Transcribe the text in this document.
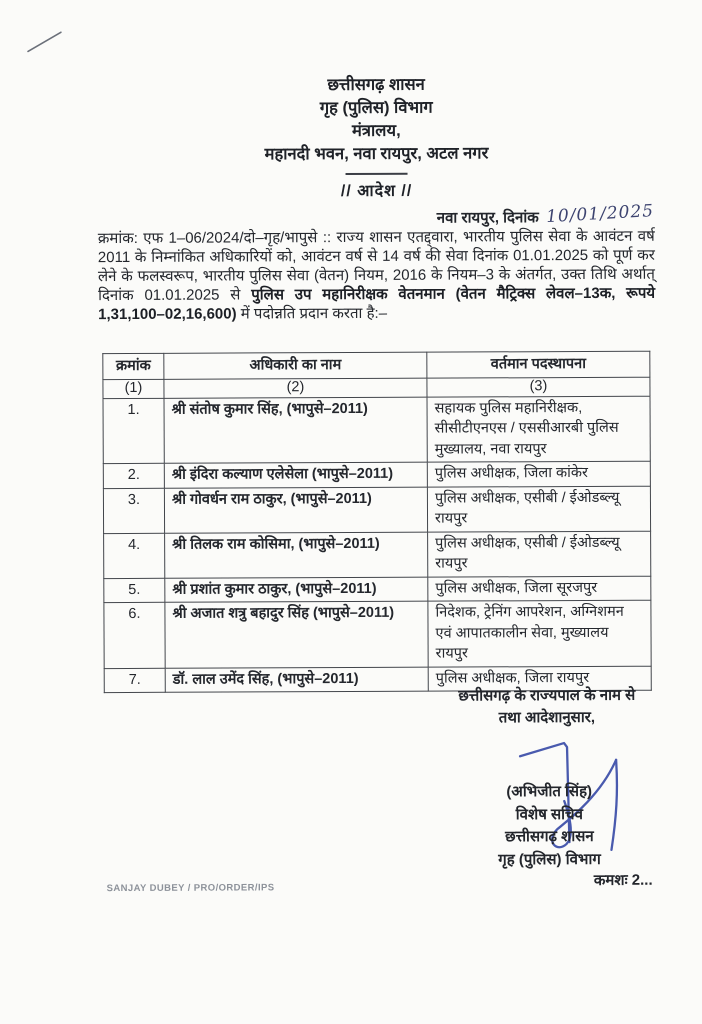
छत्तीसगढ़ शासन
गृह (पुलिस) विभाग
मंत्रालय,
महानदी भवन, नवा रायपुर, अटल नगर
// आदेश //
नवा रायपुर, दिनांक 10/01/2025
क्रमांक: एफ 1–06/2024/दो–गृह/भापुसे :: राज्य शासन एतद्द्वारा, भारतीय पुलिस सेवा के आवंटन वर्ष 2011 के निम्नांकित अधिकारियों को, आवंटन वर्ष से 14 वर्ष की सेवा दिनांक 01.01.2025 को पूर्ण कर लेने के फलस्वरूप, भारतीय पुलिस सेवा (वेतन) नियम, 2016 के नियम–3 के अंतर्गत, उक्त तिथि अर्थात् दिनांक 01.01.2025 से पुलिस उप महानिरीक्षक वेतनमान (वेतन मैट्रिक्स लेवल–13क, रूपये 1,31,100–02,16,600) में पदोन्नति प्रदान करता है:–
क्रमांक	अधिकारी का नाम	वर्तमान पदस्थापना
(1)	(2)	(3)
1.	श्री संतोष कुमार सिंह, (भापुसे–2011)	सहायक पुलिस महानिरीक्षक, सीसीटीएनएस / एससीआरबी पुलिस मुख्यालय, नवा रायपुर
2.	श्री इंदिरा कल्याण एलेसेला (भापुसे–2011)	पुलिस अधीक्षक, जिला कांकेर
3.	श्री गोवर्धन राम ठाकुर, (भापुसे–2011)	पुलिस अधीक्षक, एसीबी / ईओडब्ल्यू रायपुर
4.	श्री तिलक राम कोसिमा, (भापुसे–2011)	पुलिस अधीक्षक, एसीबी / ईओडब्ल्यू रायपुर
5.	श्री प्रशांत कुमार ठाकुर, (भापुसे–2011)	पुलिस अधीक्षक, जिला सूरजपुर
6.	श्री अजात शत्रु बहादुर सिंह (भापुसे–2011)	निदेशक, ट्रेनिंग आपरेशन, अग्निशमन एवं आपातकालीन सेवा, मुख्यालय रायपुर
7.	डॉ. लाल उमेंद सिंह, (भापुसे–2011)	पुलिस अधीक्षक, जिला रायपुर
छत्तीसगढ़ के राज्यपाल के नाम से
तथा आदेशानुसार,
(अभिजीत सिंह)
विशेष सचिव
छत्तीसगढ़ शासन
गृह (पुलिस) विभाग
कमशः 2...
SANJAY DUBEY / PRO/ORDER/IPS
